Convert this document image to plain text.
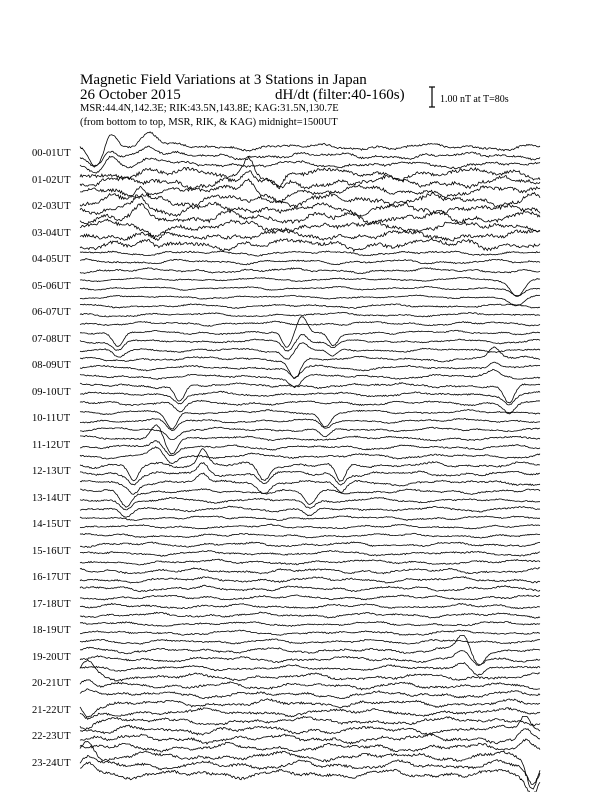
Magnetic Field Variations at 3 Stations in Japan
26 October 2015	dH/dt (filter:40-160s)
MSR:44.4N,142.3E; RIK:43.5N,143.8E; KAG:31.5N,130.7E
(from bottom to top, MSR, RIK, & KAG) midnight=1500UT
1.00 nT at T=80s
00-01UT
01-02UT
02-03UT
03-04UT
04-05UT
05-06UT
06-07UT
07-08UT
08-09UT
09-10UT
10-11UT
11-12UT
12-13UT
13-14UT
14-15UT
15-16UT
16-17UT
17-18UT
18-19UT
19-20UT
20-21UT
21-22UT
22-23UT
23-24UT
